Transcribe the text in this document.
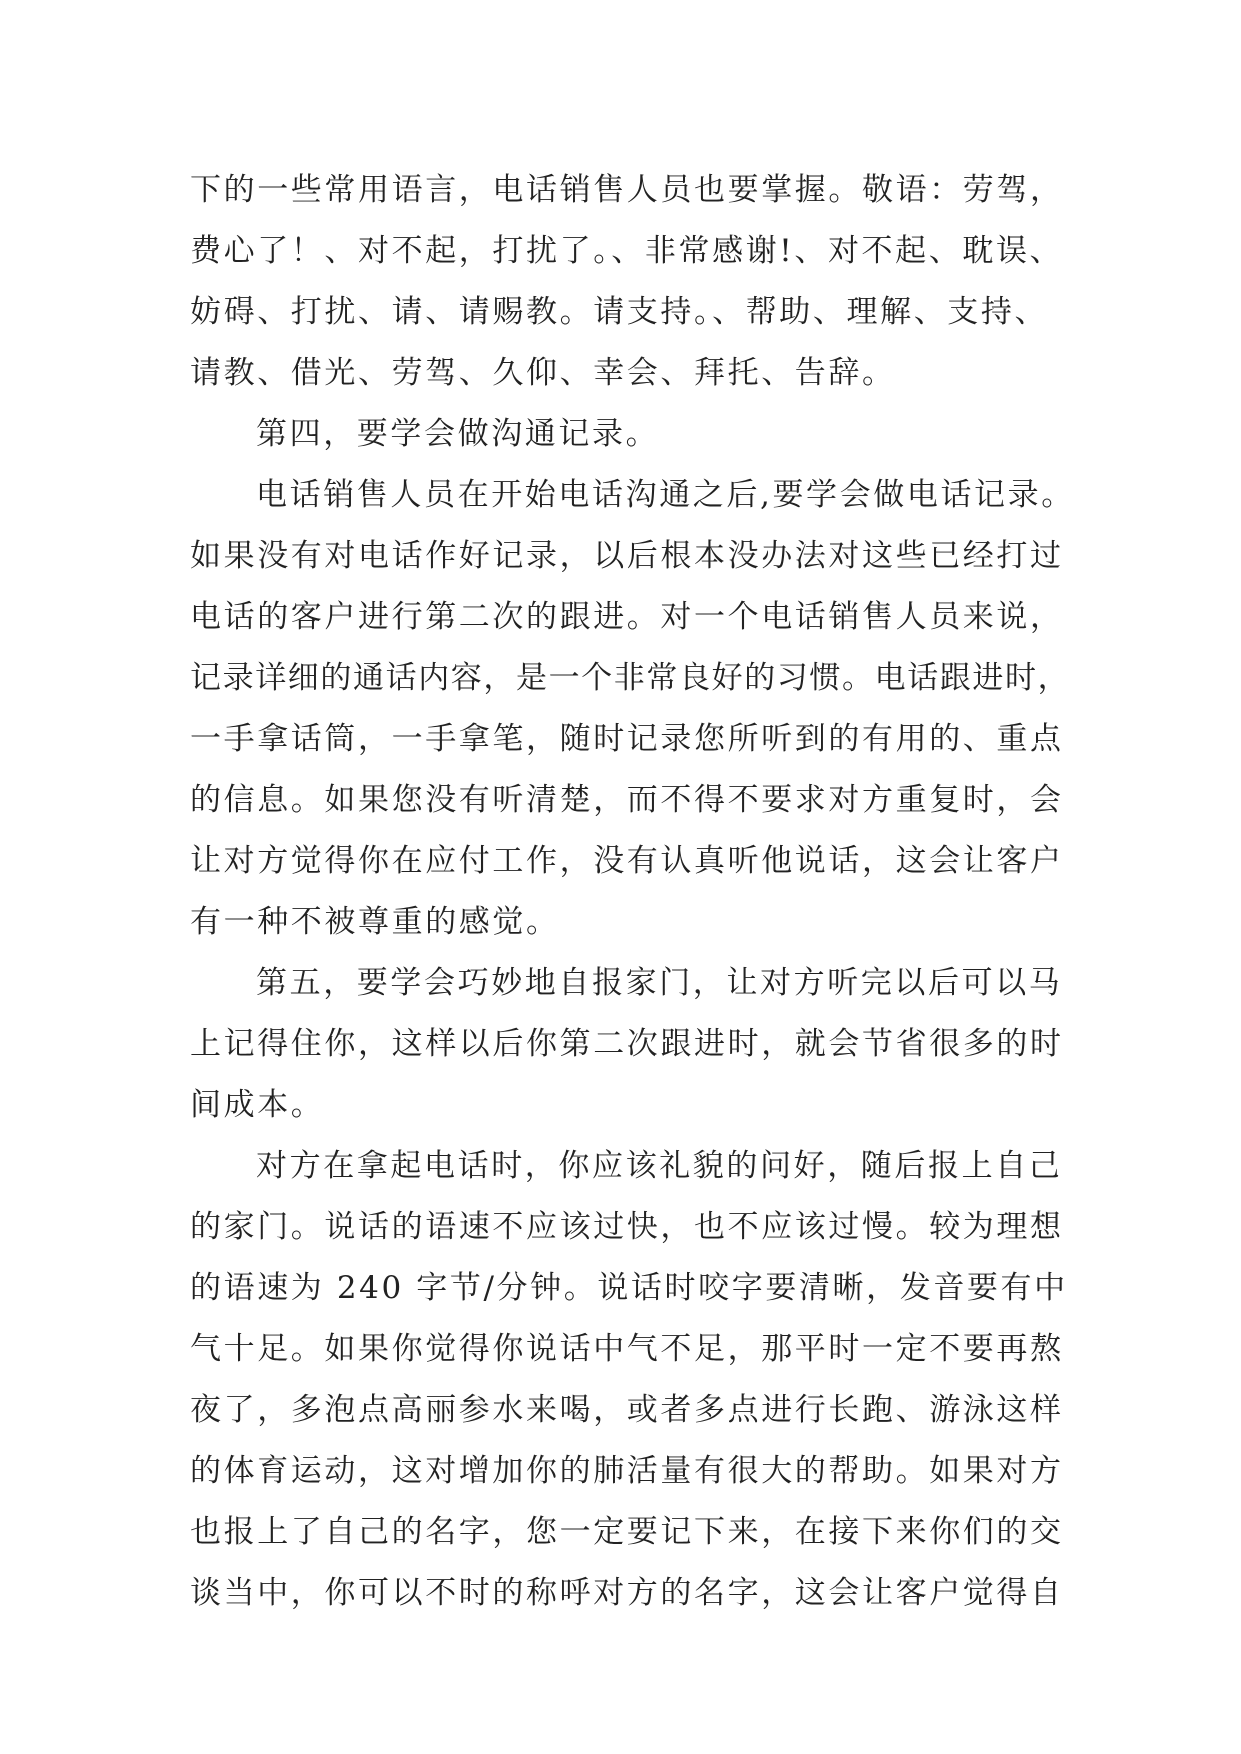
下的一些常用语言，电话销售人员也要掌握。敬语：劳驾，
费心了！、对不起，打扰了。、非常感谢!、对不起、耽误、
妨碍、打扰、请、请赐教。请支持。、帮助、理解、支持、
请教、借光、劳驾、久仰、幸会、拜托、告辞。
第四，要学会做沟通记录。
电话销售人员在开始电话沟通之后,要学会做电话记录。
如果没有对电话作好记录，以后根本没办法对这些已经打过
电话的客户进行第二次的跟进。对一个电话销售人员来说，
记录详细的通话内容，是一个非常良好的习惯。电话跟进时，
一手拿话筒，一手拿笔，随时记录您所听到的有用的、重点
的信息。如果您没有听清楚，而不得不要求对方重复时，会
让对方觉得你在应付工作，没有认真听他说话，这会让客户
有一种不被尊重的感觉。
第五，要学会巧妙地自报家门，让对方听完以后可以马
上记得住你，这样以后你第二次跟进时，就会节省很多的时
间成本。
对方在拿起电话时，你应该礼貌的问好，随后报上自己
的家门。说话的语速不应该过快，也不应该过慢。较为理想
的语速为 240 字节/分钟。说话时咬字要清晰，发音要有中
气十足。如果你觉得你说话中气不足，那平时一定不要再熬
夜了，多泡点高丽参水来喝，或者多点进行长跑、游泳这样
的体育运动，这对增加你的肺活量有很大的帮助。如果对方
也报上了自己的名字，您一定要记下来，在接下来你们的交
谈当中，你可以不时的称呼对方的名字，这会让客户觉得自
